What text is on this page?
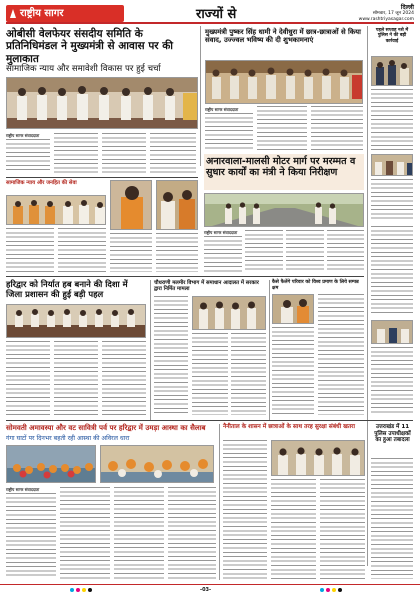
राष्ट्रीय सागर	राज्यों से	दिल्ली
सोमवार, 17 जून 2024
www.rashtriyasagar.com
ओबीसी वेलफेयर संसदीय समिति के प्रतिनिधिमंडल ने मुख्यमंत्री से आवास पर की मुलाकात
सामाजिक न्याय और समावेशी विकास पर हुई चर्चा
राष्ट्रीय सागर संवाददाता
मुख्यमंत्री पुष्कर सिंह धामी ने देवीधुरा में छात्र-छात्राओं से किया संवाद, उज्ज्वल भविष्य की दी शुभकामनाएं
राष्ट्रीय सागर संवाददाता
पहले सप्ताह नशे में पुलिस ने की बड़ी कार्रवाई
सामाजिक न्याय और जनहित की सेवा
अनारवाला-मालसी मोटर मार्ग पर मरम्मत व सुधार कार्यों का मंत्री ने किया निरीक्षण
राष्ट्रीय सागर संवाददाता
हरिद्वार को निर्यात हब बनाने की दिशा में जिला प्रशासन की हुई बड़ी पहल
चौधराणी मलमीर विभाग में समाधान आदालत में सरकार द्वारा निर्मित मामला
कैसे फैलेंगे परिवार को विश्व प्रमाण के लिये सम्पन्न क्षम
सोमवती अमावस्या और वट सावित्री पर्व पर हरिद्वार में उमड़ा आस्था का सैलाब
गंगा घाटों पर दिनभर बहती रही आस्था की अविरल धारा
राष्ट्रीय सागर संवाददाता
नैनीताल के शासन में छात्राओं के साथ तरह सुरक्षा संबंधी खतरा	उत्तराखंड में 11 पुलिस उपाधीक्षकों का हुआ तबादला
-03-
